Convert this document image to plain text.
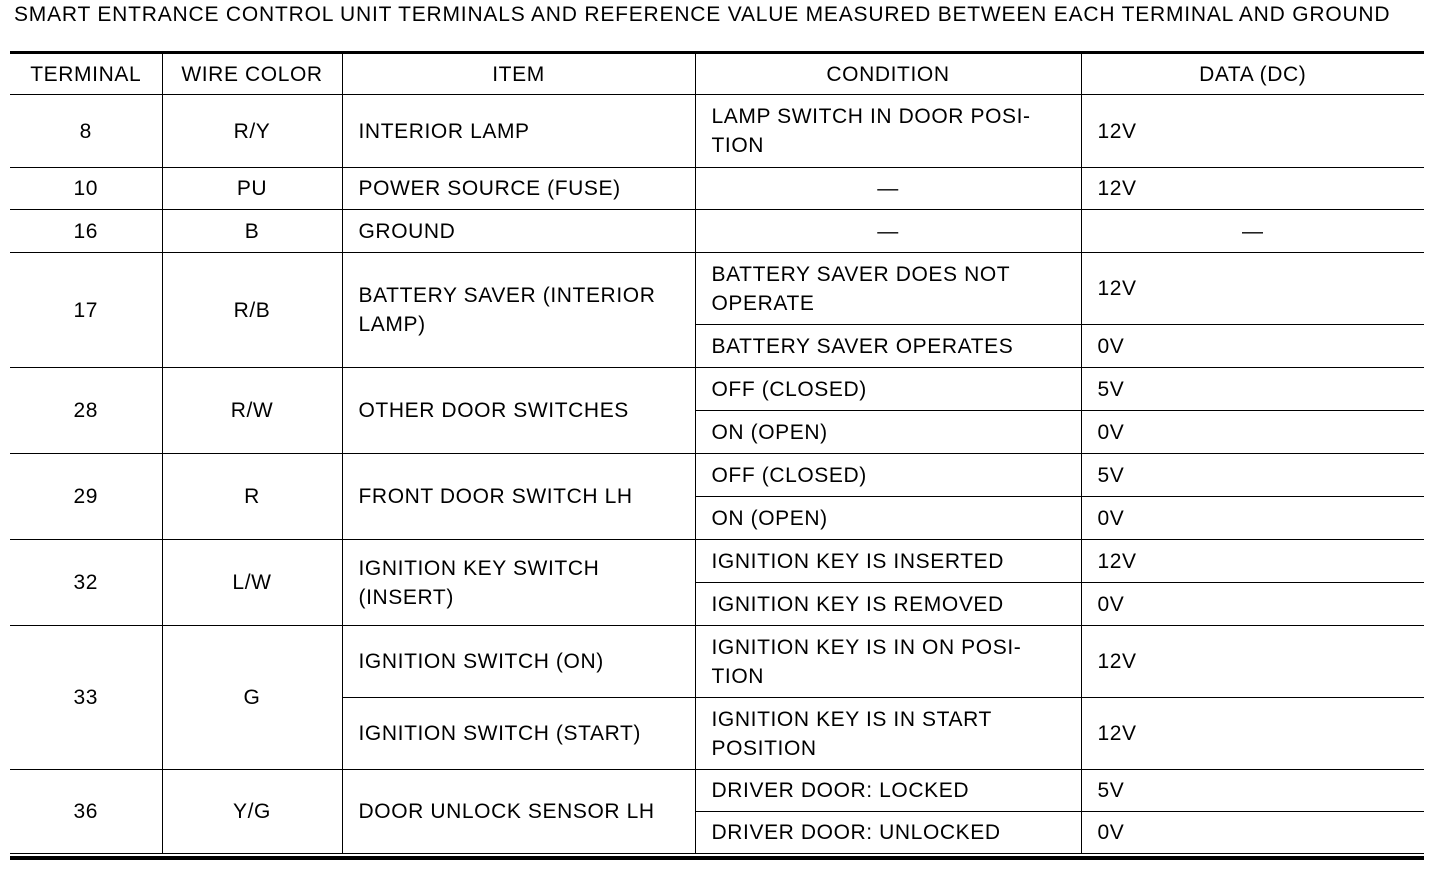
SMART ENTRANCE CONTROL UNIT TERMINALS AND REFERENCE VALUE MEASURED BETWEEN EACH TERMINAL AND GROUND
TERMINAL	WIRE COLOR	ITEM	CONDITION	DATA (DC)
8	R/Y	INTERIOR LAMP	LAMP SWITCH IN DOOR POSI-TION	12V
10	PU	POWER SOURCE (FUSE)	—	12V
16	B	GROUND	—	—
17	R/B	BATTERY SAVER (INTERIOR LAMP)	BATTERY SAVER DOES NOT OPERATE	12V
			BATTERY SAVER OPERATES	0V
28	R/W	OTHER DOOR SWITCHES	OFF (CLOSED)	5V
			ON (OPEN)	0V
29	R	FRONT DOOR SWITCH LH	OFF (CLOSED)	5V
			ON (OPEN)	0V
32	L/W	IGNITION KEY SWITCH (INSERT)	IGNITION KEY IS INSERTED	12V
			IGNITION KEY IS REMOVED	0V
33	G	IGNITION SWITCH (ON)	IGNITION KEY IS IN ON POSI-TION	12V
		IGNITION SWITCH (START)	IGNITION KEY IS IN START POSITION	12V
36	Y/G	DOOR UNLOCK SENSOR LH	DRIVER DOOR: LOCKED	5V
			DRIVER DOOR: UNLOCKED	0V
